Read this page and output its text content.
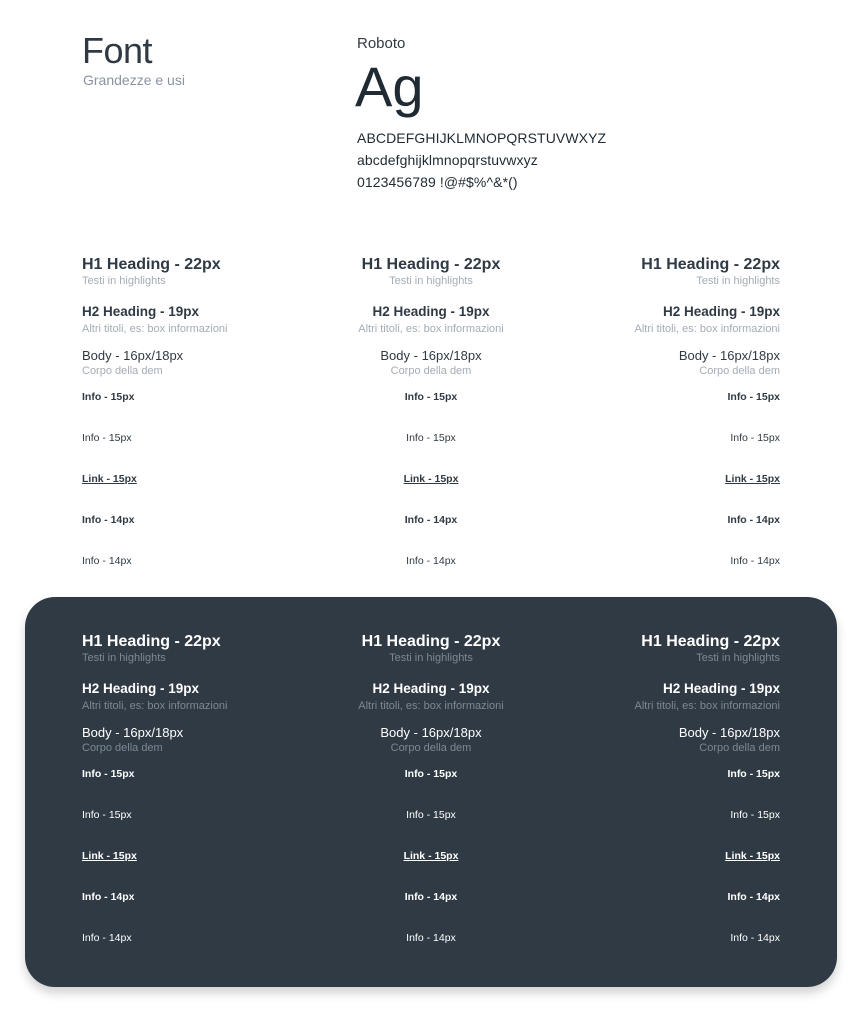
Font
Grandezze e usi
Roboto
Ag
ABCDEFGHIJKLMNOPQRSTUVWXYZ
abcdefghijklmnopqrstuvwxyz
0123456789 !@#$%^&*()
H1 Heading - 22px
Testi in highlights
H2 Heading - 19px
Altri titoli, es: box informazioni
Body - 16px/18px
Corpo della dem
Info - 15px
Info - 15px
Link - 15px
Info - 14px
Info - 14px
H1 Heading - 22px
Testi in highlights
H2 Heading - 19px
Altri titoli, es: box informazioni
Body - 16px/18px
Corpo della dem
Info - 15px
Info - 15px
Link - 15px
Info - 14px
Info - 14px
H1 Heading - 22px
Testi in highlights
H2 Heading - 19px
Altri titoli, es: box informazioni
Body - 16px/18px
Corpo della dem
Info - 15px
Info - 15px
Link - 15px
Info - 14px
Info - 14px
H1 Heading - 22px
Testi in highlights
H2 Heading - 19px
Altri titoli, es: box informazioni
Body - 16px/18px
Corpo della dem
Info - 15px
Info - 15px
Link - 15px
Info - 14px
Info - 14px
H1 Heading - 22px
Testi in highlights
H2 Heading - 19px
Altri titoli, es: box informazioni
Body - 16px/18px
Corpo della dem
Info - 15px
Info - 15px
Link - 15px
Info - 14px
Info - 14px
H1 Heading - 22px
Testi in highlights
H2 Heading - 19px
Altri titoli, es: box informazioni
Body - 16px/18px
Corpo della dem
Info - 15px
Info - 15px
Link - 15px
Info - 14px
Info - 14px
